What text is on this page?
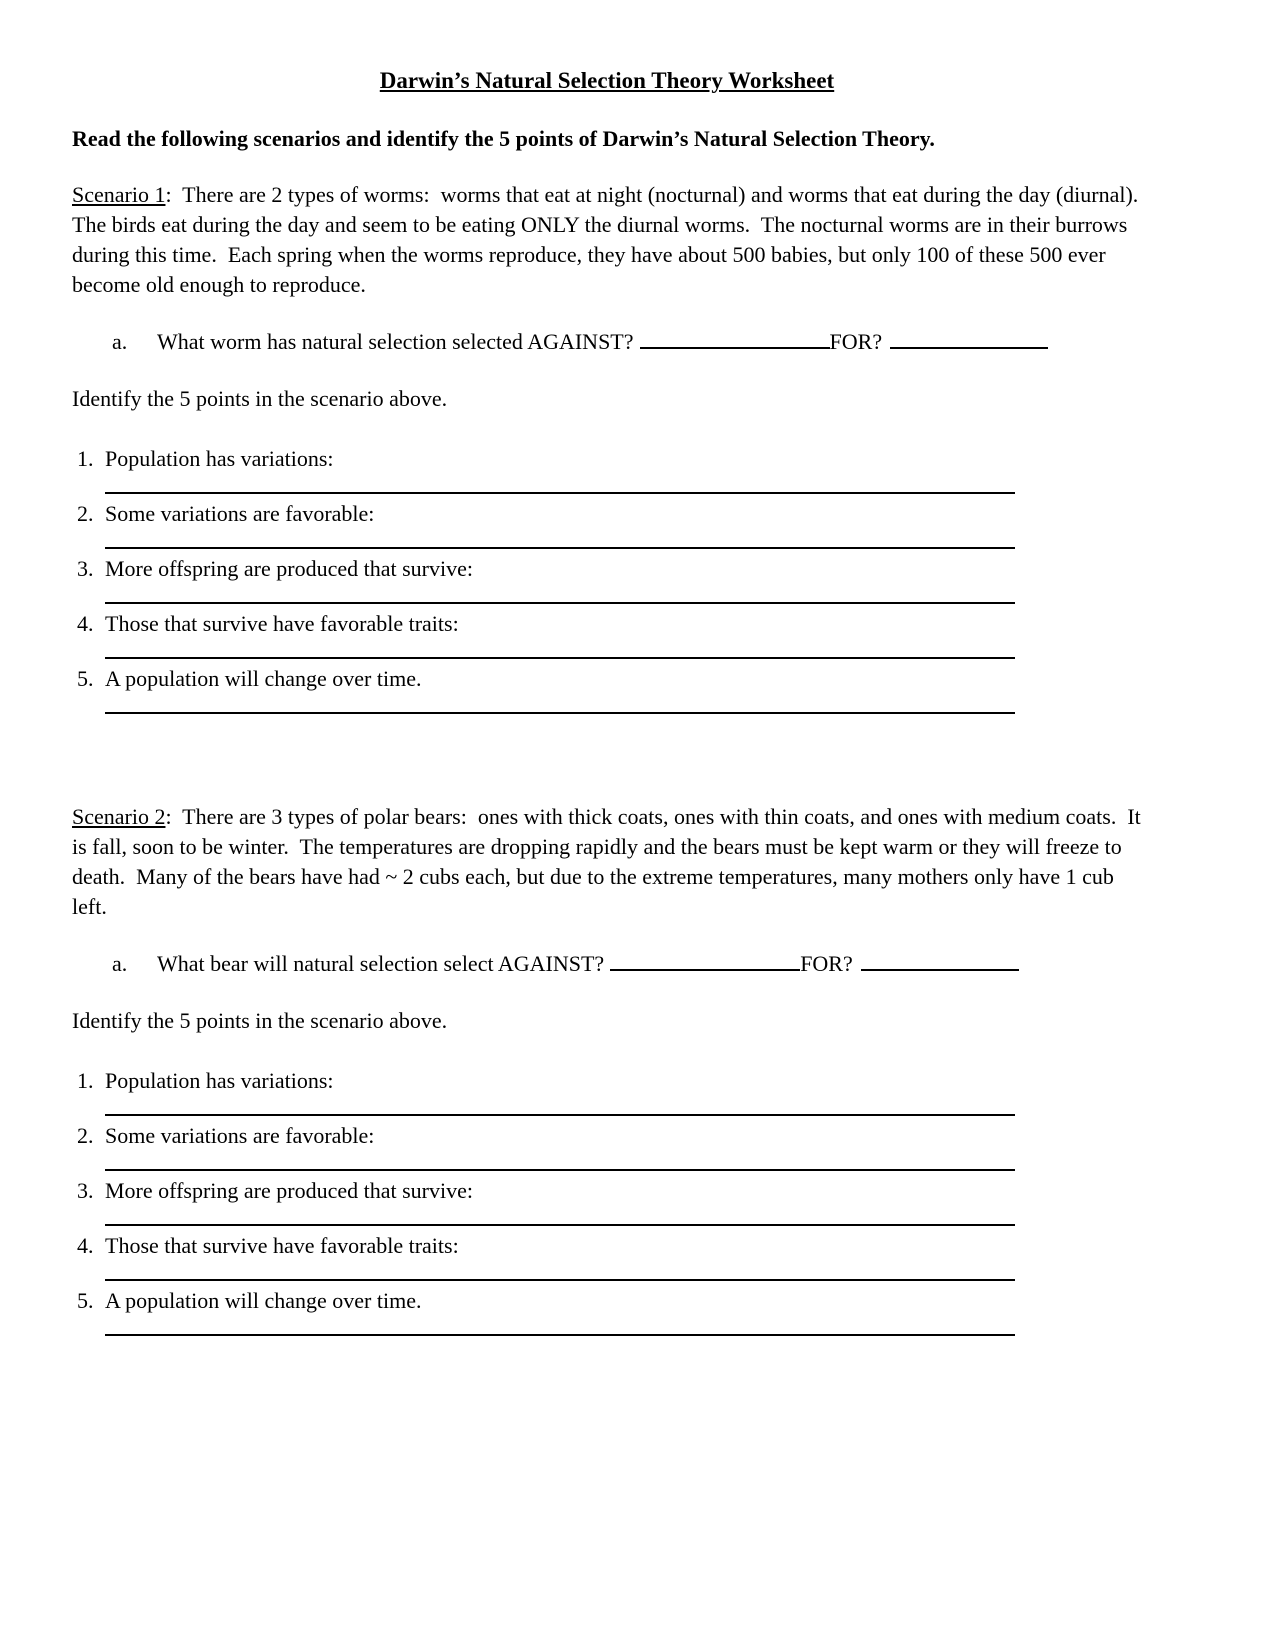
Darwin’s Natural Selection Theory Worksheet

Read the following scenarios and identify the 5 points of Darwin’s Natural Selection Theory.

Scenario 1:  There are 2 types of worms:  worms that eat at night (nocturnal) and worms that eat during the day (diurnal).  The birds eat during the day and seem to be eating ONLY the diurnal worms.  The nocturnal worms are in their burrows during this time.  Each spring when the worms reproduce, they have about 500 babies, but only 100 of these 500 ever become old enough to reproduce.

a. What worm has natural selection selected AGAINST?	FOR?

Identify the 5 points in the scenario above.

1. Population has variations:
2. Some variations are favorable:
3. More offspring are produced that survive:
4. Those that survive have favorable traits:
5. A population will change over time.

Scenario 2:  There are 3 types of polar bears:  ones with thick coats, ones with thin coats, and ones with medium coats.  It is fall, soon to be winter.  The temperatures are dropping rapidly and the bears must be kept warm or they will freeze to death.  Many of the bears have had ~ 2 cubs each, but due to the extreme temperatures, many mothers only have 1 cub left.

a. What bear will natural selection select AGAINST?	FOR?

Identify the 5 points in the scenario above.

1. Population has variations:
2. Some variations are favorable:
3. More offspring are produced that survive:
4. Those that survive have favorable traits:
5. A population will change over time.
